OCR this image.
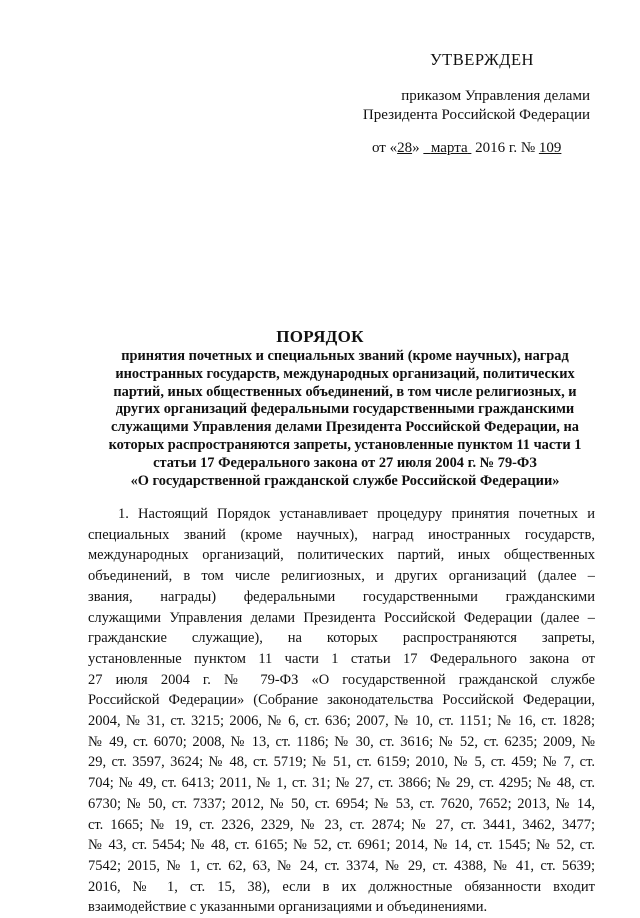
УТВЕРЖДЕН
приказом Управления делами
Президента Российской Федерации
от «28»   марта  2016 г. № 109
ПОРЯДОК
принятия почетных и специальных званий (кроме научных), наград
иностранных государств, международных организаций, политических
партий, иных общественных объединений, в том числе религиозных, и
других организаций федеральными государственными гражданскими
служащими Управления делами Президента Российской Федерации, на
которых распространяются запреты, установленные пунктом 11 части 1
статьи 17 Федерального закона от 27 июля 2004 г. № 79-ФЗ
«О государственной гражданской службе Российской Федерации»
1. Настоящий Порядок устанавливает процедуру принятия почетных и
специальных званий (кроме научных), наград иностранных государств,
международных организаций, политических партий, иных общественных
объединений, в том числе религиозных, и других организаций (далее –
звания, награды) федеральными государственными гражданскими
служащими Управления делами Президента Российской Федерации (далее –
гражданские служащие), на которых распространяются запреты,
установленные пунктом 11 части 1 статьи 17 Федерального закона от
27 июля 2004 г. № 79-ФЗ «О государственной гражданской службе
Российской Федерации» (Собрание законодательства Российской Федерации,
2004, № 31, ст. 3215; 2006, № 6, ст. 636; 2007, № 10, ст. 1151; № 16, ст. 1828;
№ 49, ст. 6070; 2008, № 13, ст. 1186; № 30, ст. 3616; № 52, ст. 6235; 2009, №
29, ст. 3597, 3624; № 48, ст. 5719; № 51, ст. 6159; 2010, № 5, ст. 459; № 7, ст.
704; № 49, ст. 6413; 2011, № 1, ст. 31; № 27, ст. 3866; № 29, ст. 4295; № 48, ст.
6730; № 50, ст. 7337; 2012, № 50, ст. 6954; № 53, ст. 7620, 7652; 2013, № 14,
ст. 1665; № 19, ст. 2326, 2329, № 23, ст. 2874; № 27, ст. 3441, 3462, 3477;
№ 43, ст. 5454; № 48, ст. 6165; № 52, ст. 6961; 2014, № 14, ст. 1545; № 52, ст.
7542; 2015, № 1, ст. 62, 63, № 24, ст. 3374, № 29, ст. 4388, № 41, ст. 5639;
2016, № 1, ст. 15, 38), если в их должностные обязанности входит
взаимодействие с указанными организациями и объединениями.
